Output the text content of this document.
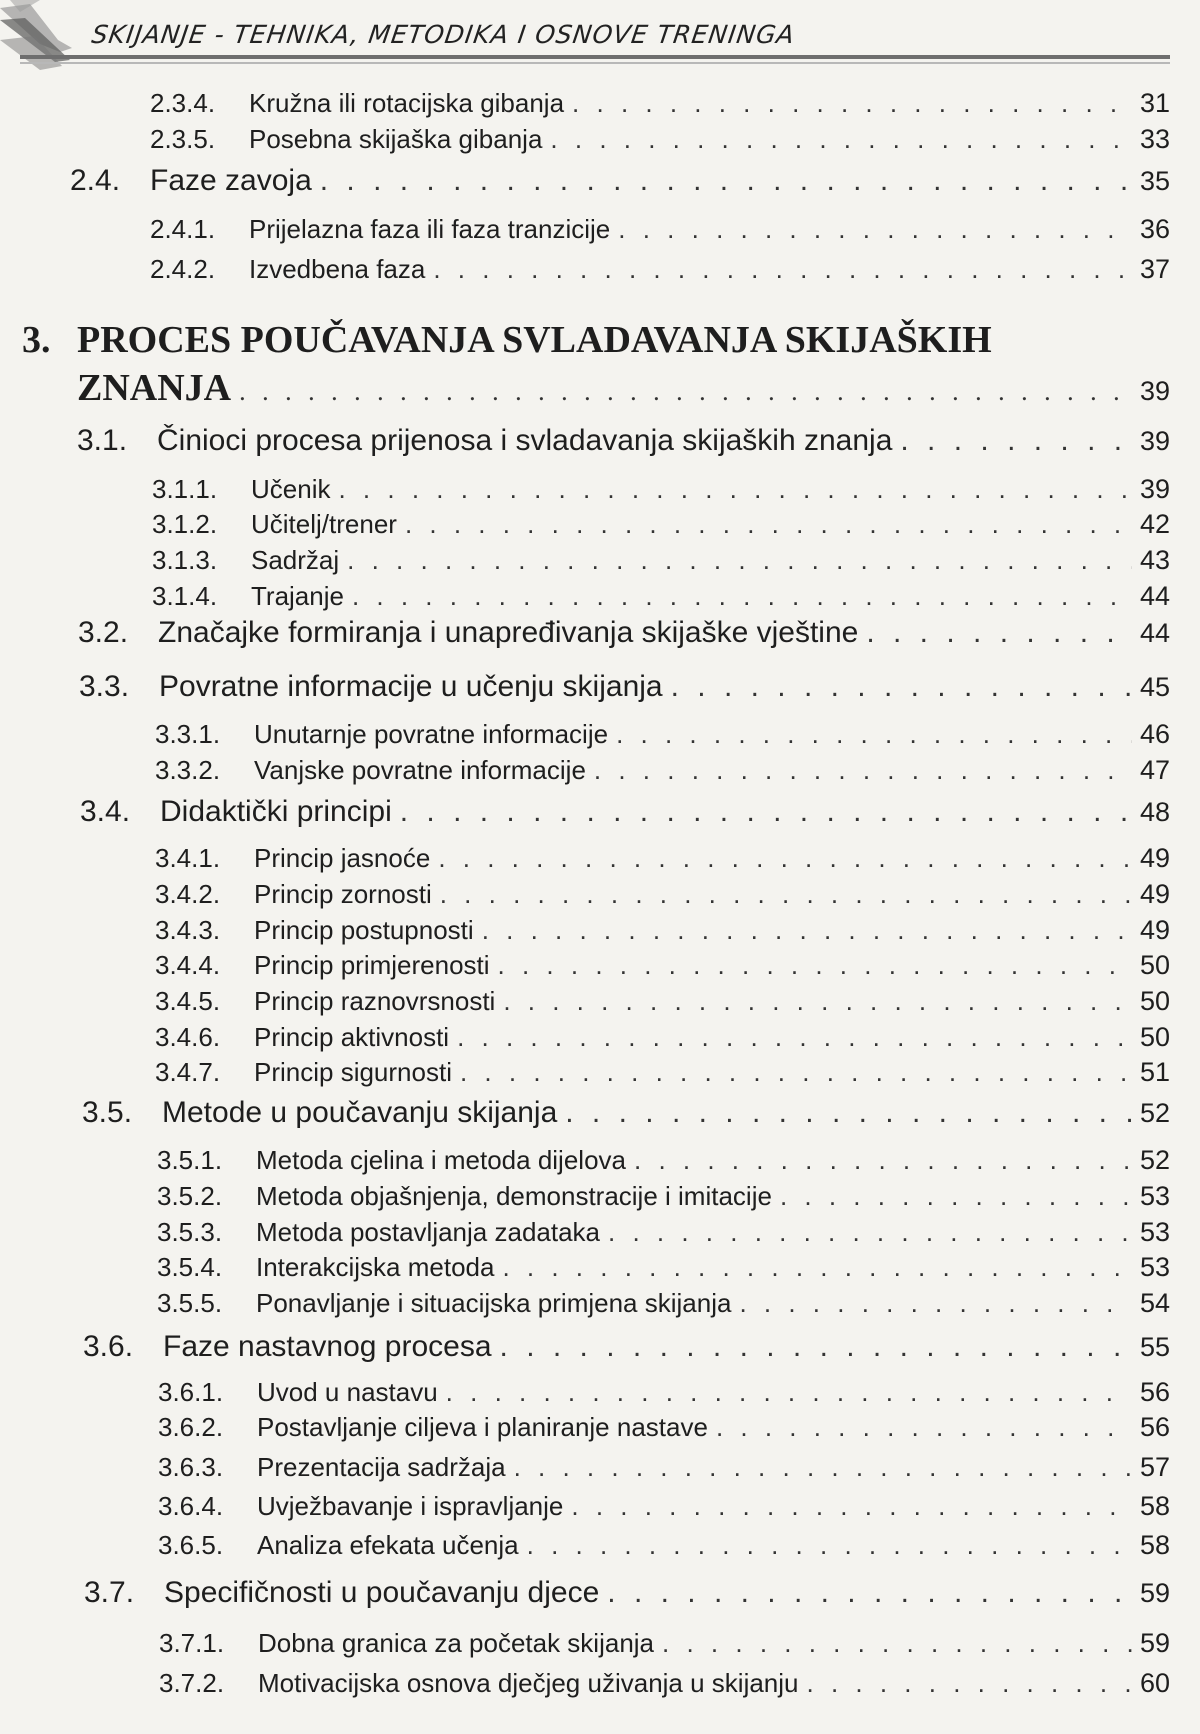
SKIJANJE - TEHNIKA, METODIKA I OSNOVE TRENINGA
2.3.4.	Kružna ili rotacijska gibanja . . .	31
2.3.5.	Posebna skijaška gibanja . . .	33
2.4. Faze zavoja . . .	35
2.4.1.	Prijelazna faza ili faza tranzicije . . .	36
2.4.2.	Izvedbena faza . . .	37
3. PROCES POUČAVANJA SVLADAVANJA SKIJAŠKIH
ZNANJA . . .	39
3.1. Činioci procesa prijenosa i svladavanja skijaških znanja . . .	39
3.1.1.	Učenik . . .	39
3.1.2.	Učitelj/trener . . .	42
3.1.3.	Sadržaj . . .	43
3.1.4.	Trajanje . . .	44
3.2. Značajke formiranja i unapređivanja skijaške vještine . . .	44
3.3. Povratne informacije u učenju skijanja . . .	45
3.3.1.	Unutarnje povratne informacije . . .	46
3.3.2.	Vanjske povratne informacije . . .	47
3.4. Didaktički principi . . .	48
3.4.1.	Princip jasnoće . . .	49
3.4.2.	Princip zornosti . . .	49
3.4.3.	Princip postupnosti . . .	49
3.4.4.	Princip primjerenosti . . .	50
3.4.5.	Princip raznovrsnosti . . .	50
3.4.6.	Princip aktivnosti . . .	50
3.4.7.	Princip sigurnosti . . .	51
3.5. Metode u poučavanju skijanja . . .	52
3.5.1.	Metoda cjelina i metoda dijelova . . .	52
3.5.2.	Metoda objašnjenja, demonstracije i imitacije . . .	53
3.5.3.	Metoda postavljanja zadataka . . .	53
3.5.4.	Interakcijska metoda . . .	53
3.5.5.	Ponavljanje i situacijska primjena skijanja . . .	54
3.6. Faze nastavnog procesa . . .	55
3.6.1.	Uvod u nastavu . . .	56
3.6.2.	Postavljanje ciljeva i planiranje nastave . . .	56
3.6.3.	Prezentacija sadržaja . . .	57
3.6.4.	Uvježbavanje i ispravljanje . . .	58
3.6.5.	Analiza efekata učenja . . .	58
3.7. Specifičnosti u poučavanju djece . . .	59
3.7.1.	Dobna granica za početak skijanja . . .	59
3.7.2.	Motivacijska osnova dječjeg uživanja u skijanju . . .	60
